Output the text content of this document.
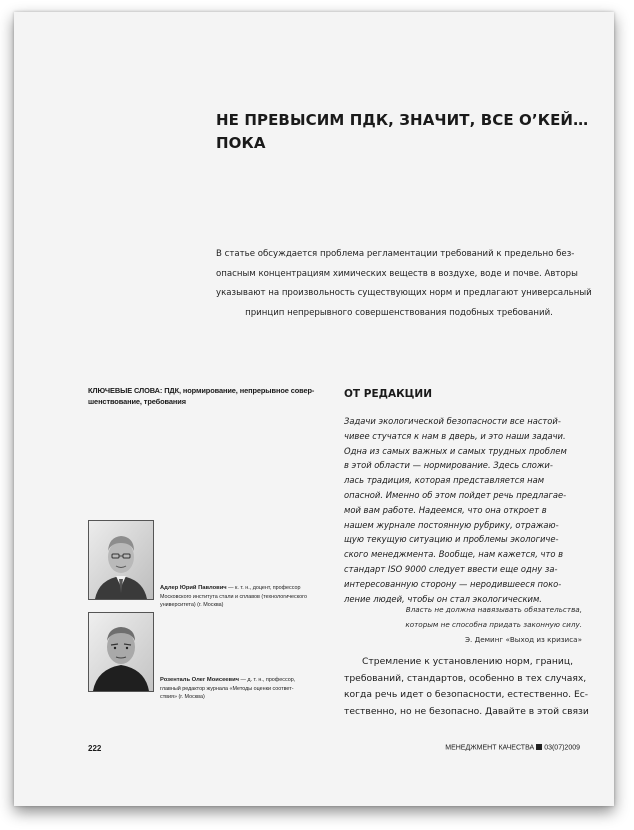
НЕ ПРЕВЫСИМ ПДК, ЗНАЧИТ, ВСЕ О’КЕЙ…
ПОКА
В статье обсуждается проблема регламентации требований к предельно без-
опасным концентрациям химических веществ в воздухе, воде и почве. Авторы
указывают на произвольность существующих норм и предлагают универсальный
принцип непрерывного совершенствования подобных требований.
КЛЮЧЕВЫЕ СЛОВА: ПДК, нормирование, непрерывное совер-
шенствование, требования
ОТ РЕДАКЦИИ
Задачи экологической безопасности все настой-
чивее стучатся к нам в дверь, и это наши задачи.
Одна из самых важных и самых трудных проблем
в этой области — нормирование. Здесь сложи-
лась традиция, которая представляется нам
опасной. Именно об этом пойдет речь предлагае-
мой вам работе. Надеемся, что она откроет в
нашем журнале постоянную рубрику, отражаю-
щую текущую ситуацию и проблемы экологиче-
ского менеджмента. Вообще, нам кажется, что в
стандарт ISO 9000 следует ввести еще одну за-
интересованную сторону — неродившееся поко-
ление людей, чтобы он стал экологическим.
Власть не должна навязывать обязательства,
которым не способна придать законную силу.
Э. Деминг «Выход из кризиса»
Стремление к установлению норм, границ,
требований, стандартов, особенно в тех случаях,
когда речь идет о безопасности, естественно. Ес-
тественно, но не безопасно. Давайте в этой связи
Адлер Юрий Павлович — к. т. н., доцент, профессор
Московского института стали и сплавов (технологического
университета) (г. Москва)
Розенталь Олег Моисеевич — д. т. н., профессор,
главный редактор журнала «Методы оценки соответ-
ствия» (г. Москва)
222	МЕНЕДЖМЕНТ КАЧЕСТВА 03(07)2009
